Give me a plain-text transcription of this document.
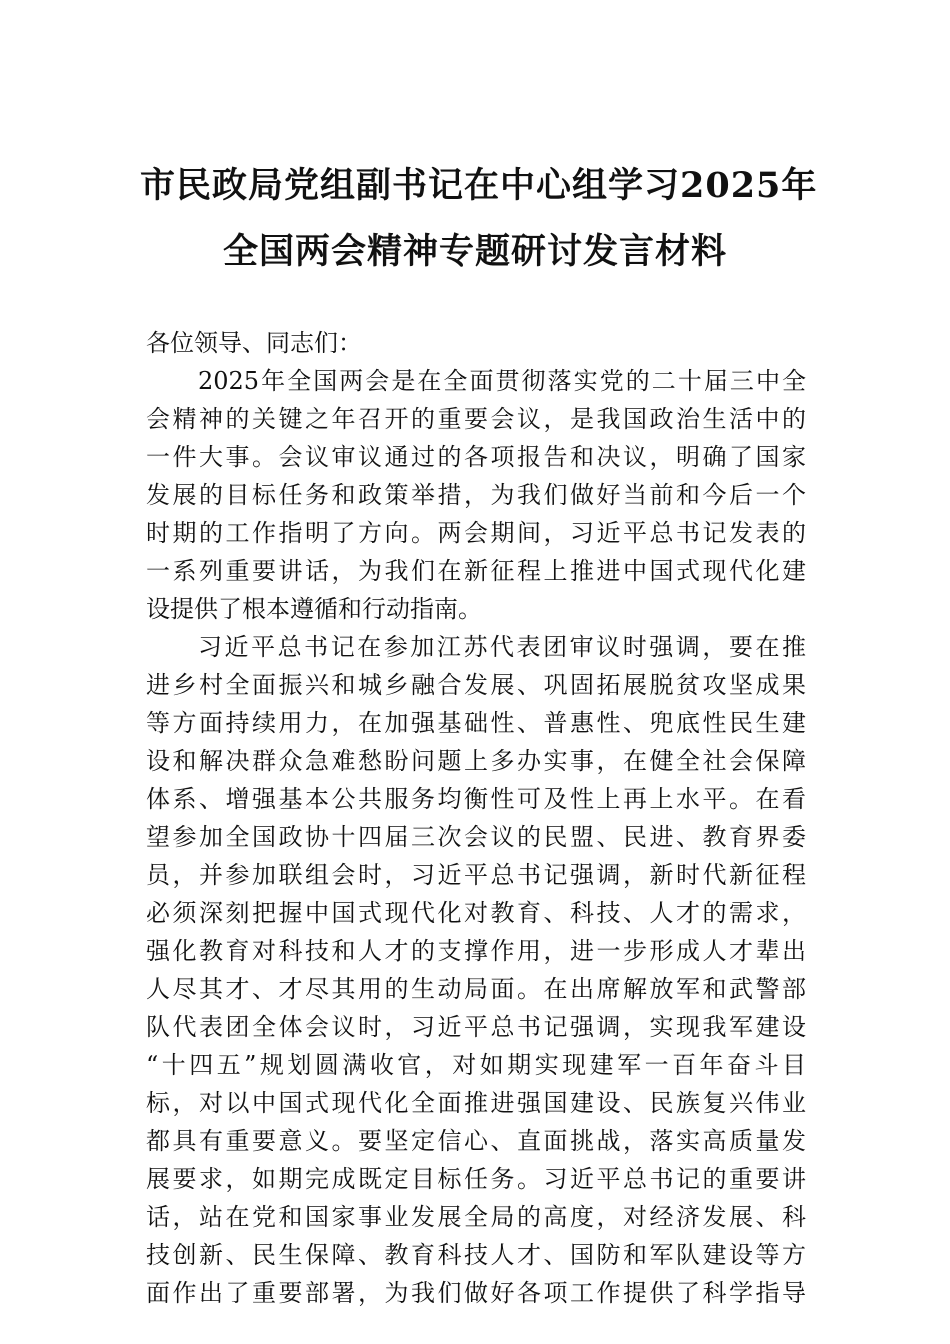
市民政局党组副书记在中心组学习2025年
全国两会精神专题研讨发言材料
各位领导、同志们：
2025年全国两会是在全面贯彻落实党的二十届三中全
会精神的关键之年召开的重要会议，是我国政治生活中的
一件大事。会议审议通过的各项报告和决议，明确了国家
发展的目标任务和政策举措，为我们做好当前和今后一个
时期的工作指明了方向。两会期间，习近平总书记发表的
一系列重要讲话，为我们在新征程上推进中国式现代化建
设提供了根本遵循和行动指南。
习近平总书记在参加江苏代表团审议时强调，要在推
进乡村全面振兴和城乡融合发展、巩固拓展脱贫攻坚成果
等方面持续用力，在加强基础性、普惠性、兜底性民生建
设和解决群众急难愁盼问题上多办实事，在健全社会保障
体系、增强基本公共服务均衡性可及性上再上水平。在看
望参加全国政协十四届三次会议的民盟、民进、教育界委
员，并参加联组会时，习近平总书记强调，新时代新征程
必须深刻把握中国式现代化对教育、科技、人才的需求，
强化教育对科技和人才的支撑作用，进一步形成人才辈出
人尽其才、才尽其用的生动局面。在出席解放军和武警部
队代表团全体会议时，习近平总书记强调，实现我军建设
“十四五”规划圆满收官，对如期实现建军一百年奋斗目
标，对以中国式现代化全面推进强国建设、民族复兴伟业
都具有重要意义。要坚定信心、直面挑战，落实高质量发
展要求，如期完成既定目标任务。习近平总书记的重要讲
话，站在党和国家事业发展全局的高度，对经济发展、科
技创新、民生保障、教育科技人才、国防和军队建设等方
面作出了重要部署，为我们做好各项工作提供了科学指导
